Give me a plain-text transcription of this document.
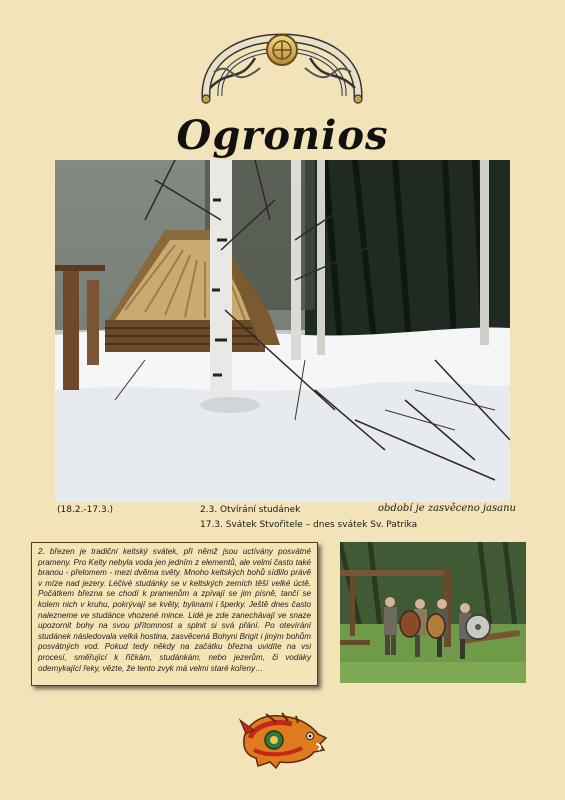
Ogronios
(18.2.-17.3.)	2.3. Otvírání studánek
17.3. Svátek Stvořitele – dnes svátek Sv. Patrika
období je zasvěceno jasanu
2. březen je tradiční keltský svátek, při němž jsou uctívány posvátné prameny. Pro Kelty nebyla voda jen jedním z elementů, ale velmi často také branou - přelomem - mezi dvěma světy. Mnoho keltských bohů sídlilo právě v míze nad jezery. Léčivé studánky se v keltských zemích těší velké úctě. Počátkem března se chodí k pramenům a zpívají se jim písně, tančí se kolem nich v kruhu, pokrývají se květy, bylinami i šperky. Ještě dnes často nalezneme ve studánce vhozené mince. Lidé je zde zanechávají ve snaze upozornit bohy na svou přítomnost a splnit si svá přání. Po otevírání studánek následovala velká hostina, zasvěcená Bohyni Brigit i jiným bohům posvátných vod. Pokud tedy někdy na začátku března uvidíte na vsi procesí, směřující k říčkám, studánkám, nebo jezerům, či vodáky odemykající řeky, vězte, že tento zvyk má velmi staré kořeny…
